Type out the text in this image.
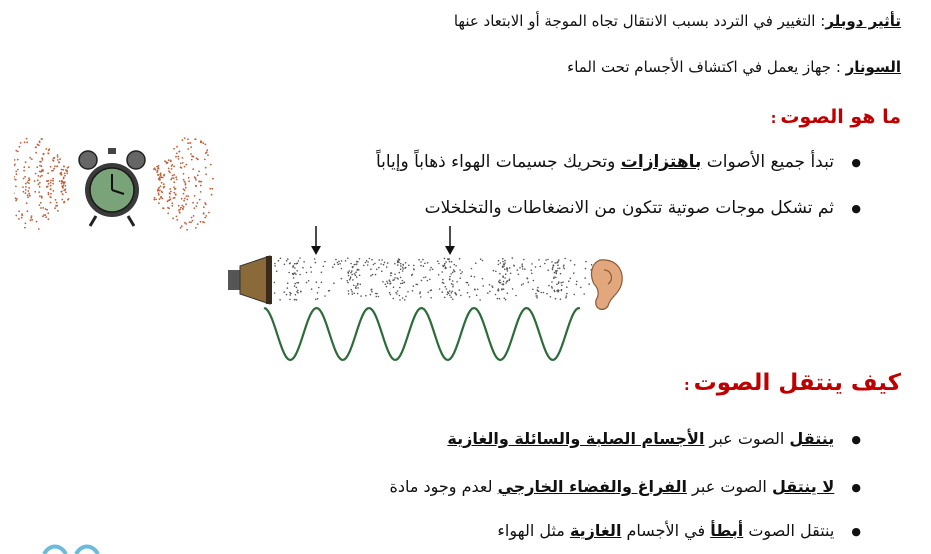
تأثير دوبلر: التغيير في التردد بسبب الانتقال تجاه الموجة أو الابتعاد عنها
السونار : جهاز يعمل في اكتشاف الأجسام تحت الماء
ما هو الصوت:
● تبدأ جميع الأصوات باهتزازات وتحريك جسيمات الهواء ذهاباً وإياباً
● ثم تشكل موجات صوتية تتكون من الانضغاطات والتخلخلات
كيف ينتقل الصوت:
● ينتقل الصوت عبر الأجسام الصلبة والسائلة والغازية
● لا ينتقل الصوت عبر الفراغ والفضاء الخارجي لعدم وجود مادة
● ينتقل الصوت أبطأ في الأجسام الغازية مثل الهواء
